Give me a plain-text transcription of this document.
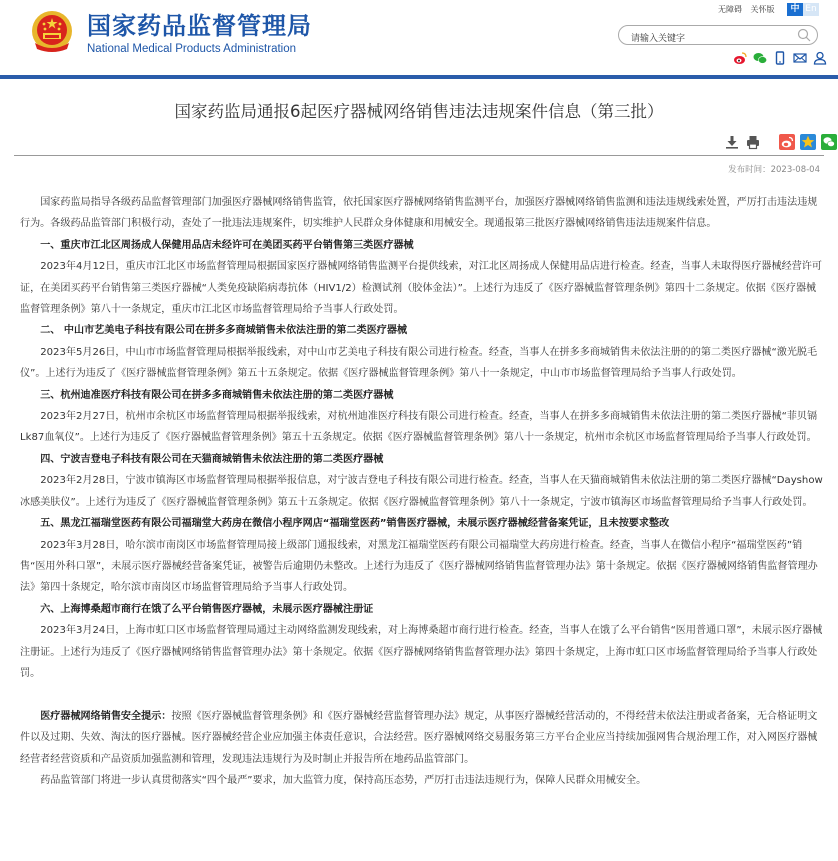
国家药品监督管理局
National Medical Products Administration
无障碍 关怀版	中 En
请输入关键字
国家药监局通报6起医疗器械网络销售违法违规案件信息（第三批）
发布时间：2023-08-04

国家药监局指导各级药品监督管理部门加强医疗器械网络销售监管，依托国家医疗器械网络销售监测平台，加强医疗器械网络销售监测和违法违规线索处置，严厉打击违法违规行为。各级药品监管部门积极行动，查处了一批违法违规案件，切实维护人民群众身体健康和用械安全。现通报第三批医疗器械网络销售违法违规案件信息。

一、重庆市江北区周扬成人保健用品店未经许可在美团买药平台销售第三类医疗器械

2023年4月12日，重庆市江北区市场监督管理局根据国家医疗器械网络销售监测平台提供线索，对江北区周扬成人保健用品店进行检查。经查，当事人未取得医疗器械经营许可证，在美团买药平台销售第三类医疗器械“人类免疫缺陷病毒抗体（HIV1/2）检测试剂（胶体金法）”。上述行为违反了《医疗器械监督管理条例》第四十二条规定。依据《医疗器械监督管理条例》第八十一条规定，重庆市江北区市场监督管理局给予当事人行政处罚。

二、 中山市艺美电子科技有限公司在拼多多商城销售未依法注册的第二类医疗器械

2023年5月26日，中山市市场监督管理局根据举报线索，对中山市艺美电子科技有限公司进行检查。经查，当事人在拼多多商城销售未依法注册的的第二类医疗器械“激光脱毛仪”。上述行为违反了《医疗器械监督管理条例》第五十五条规定。依据《医疗器械监督管理条例》第八十一条规定，中山市市场监督管理局给予当事人行政处罚。

三、杭州迪准医疗科技有限公司在拼多多商城销售未依法注册的第二类医疗器械

2023年2月27日，杭州市余杭区市场监督管理局根据举报线索，对杭州迪准医疗科技有限公司进行检查。经查，当事人在拼多多商城销售未依法注册的第二类医疗器械“菲贝镉Lk87血氧仪”。上述行为违反了《医疗器械监督管理条例》第五十五条规定。依据《医疗器械监督管理条例》第八十一条规定，杭州市余杭区市场监督管理局给予当事人行政处罚。

四、宁波吉登电子科技有限公司在天猫商城销售未依法注册的第二类医疗器械

2023年2月28日，宁波市镇海区市场监督管理局根据举报信息，对宁波吉登电子科技有限公司进行检查。经查，当事人在天猫商城销售未依法注册的第二类医疗器械“Dayshow冰感美肤仪”。上述行为违反了《医疗器械监督管理条例》第五十五条规定。依据《医疗器械监督管理条例》第八十一条规定，宁波市镇海区市场监督管理局给予当事人行政处罚。

五、黑龙江福瑞堂医药有限公司福瑞堂大药房在微信小程序网店“福瑞堂医药”销售医疗器械，未展示医疗器械经营备案凭证，且未按要求整改

2023年3月28日，哈尔滨市南岗区市场监督管理局接上级部门通报线索，对黑龙江福瑞堂医药有限公司福瑞堂大药房进行检查。经查，当事人在微信小程序“福瑞堂医药”销售“医用外科口罩”，未展示医疗器械经营备案凭证，被警告后逾期仍未整改。上述行为违反了《医疗器械网络销售监督管理办法》第十条规定。依据《医疗器械网络销售监督管理办法》第四十条规定，哈尔滨市南岗区市场监督管理局给予当事人行政处罚。

六、上海博桑超市商行在饿了么平台销售医疗器械，未展示医疗器械注册证

2023年3月24日，上海市虹口区市场监督管理局通过主动网络监测发现线索，对上海博桑超市商行进行检查。经查，当事人在饿了么平台销售“医用普通口罩”，未展示医疗器械注册证。上述行为违反了《医疗器械网络销售监督管理办法》第十条规定。依据《医疗器械网络销售监督管理办法》第四十条规定，上海市虹口区市场监督管理局给予当事人行政处罚。

医疗器械网络销售安全提示：按照《医疗器械监督管理条例》和《医疗器械经营监督管理办法》规定，从事医疗器械经营活动的，不得经营未依法注册或者备案，无合格证明文件以及过期、失效、淘汰的医疗器械。医疗器械经营企业应加强主体责任意识，合法经营。医疗器械网络交易服务第三方平台企业应当持续加强网售合规治理工作，对入网医疗器械经营者经营资质和产品资质加强监测和管理，发现违法违规行为及时制止并报告所在地药品监管部门。

药品监管部门将进一步认真贯彻落实“四个最严”要求，加大监管力度，保持高压态势，严厉打击违法违规行为，保障人民群众用械安全。
